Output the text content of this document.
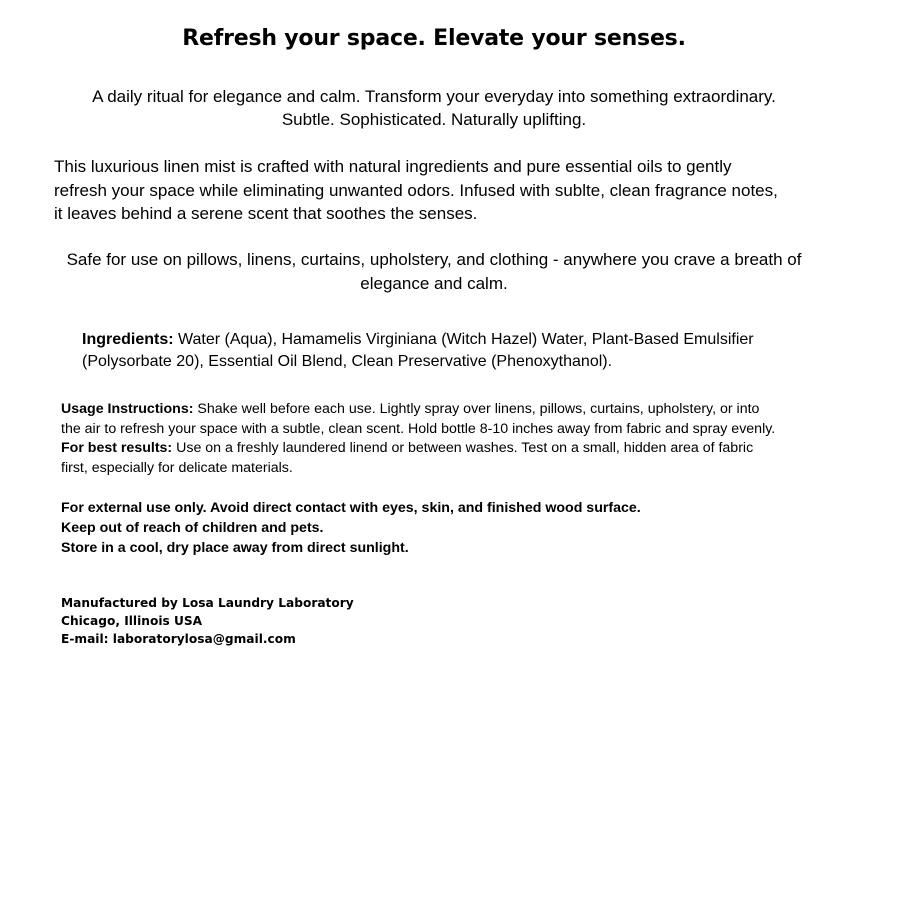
Refresh your space. Elevate your senses.
A daily ritual for elegance and calm. Transform your everyday into something extraordinary.
Subtle. Sophisticated. Naturally uplifting.
This luxurious linen mist is crafted with natural ingredients and pure essential oils to gently
refresh your space while eliminating unwanted odors. Infused with sublte, clean fragrance notes,
it leaves behind a serene scent that soothes the senses.
Safe for use on pillows, linens, curtains, upholstery, and clothing - anywhere you crave a breath of
elegance and calm.
Ingredients: Water (Aqua), Hamamelis Virginiana (Witch Hazel) Water, Plant-Based Emulsifier
(Polysorbate 20), Essential Oil Blend, Clean Preservative (Phenoxythanol).
Usage Instructions: Shake well before each use. Lightly spray over linens, pillows, curtains, upholstery, or into
the air to refresh your space with a subtle, clean scent. Hold bottle 8-10 inches away from fabric and spray evenly.
For best results: Use on a freshly laundered linend or between washes. Test on a small, hidden area of fabric
first, especially for delicate materials.
For external use only. Avoid direct contact with eyes, skin, and finished wood surface.
Keep out of reach of children and pets.
Store in a cool, dry place away from direct sunlight.
Manufactured by Losa Laundry Laboratory
Chicago, Illinois USA
E-mail: laboratorylosa@gmail.com
